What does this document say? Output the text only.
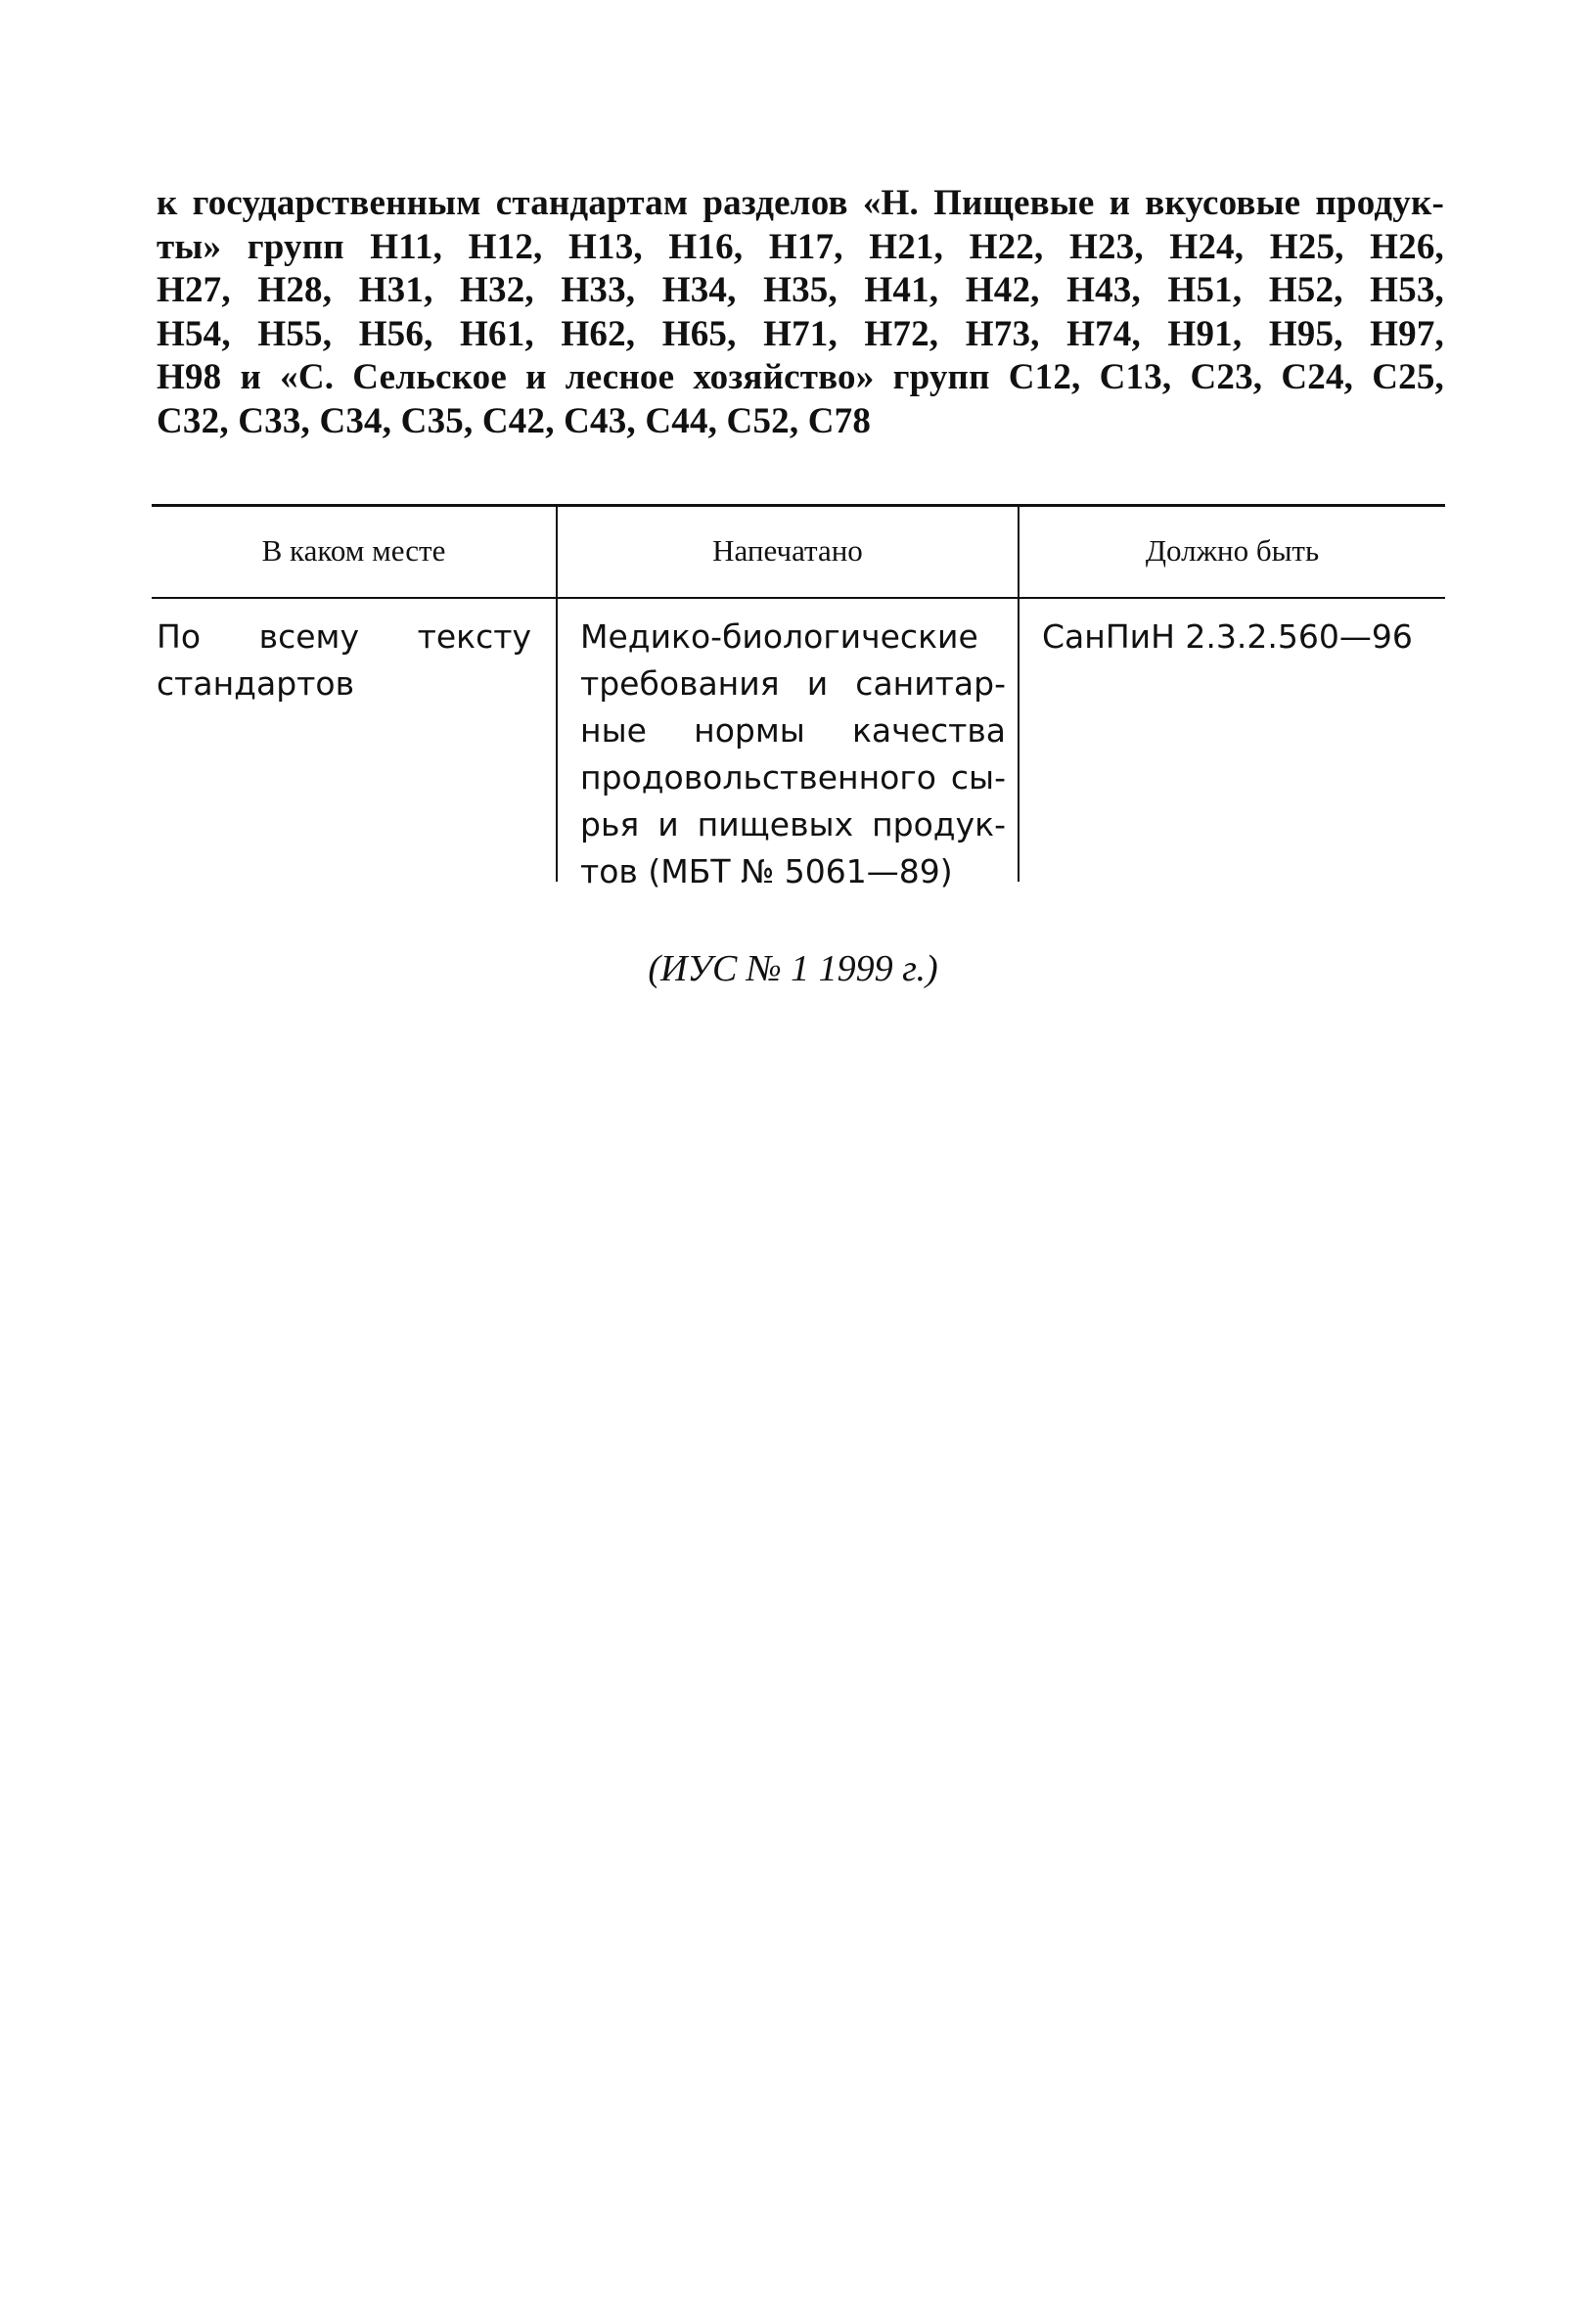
к государственным стандартам разделов «Н. Пищевые и вкусовые продук-
ты» групп Н11, Н12, Н13, Н16, Н17, Н21, Н22, Н23, Н24, Н25, Н26,
Н27, Н28, Н31, Н32, Н33, Н34, Н35, Н41, Н42, Н43, Н51, Н52, Н53,
Н54, Н55, Н56, Н61, Н62, Н65, Н71, Н72, Н73, Н74, Н91, Н95, Н97,
Н98 и «С. Сельское и лесное хозяйство» групп С12, С13, С23, С24, С25,
С32, С33, С34, С35, С42, С43, С44, С52, С78
В каком месте	Напечатано	Должно быть
По всему тексту
стандартов
Медико-биологические
требования и санитар-
ные нормы качества
продовольственного сы-
рья и пищевых продук-
тов (МБТ № 5061—89)
СанПиН 2.3.2.560—96
(ИУС № 1 1999 г.)
